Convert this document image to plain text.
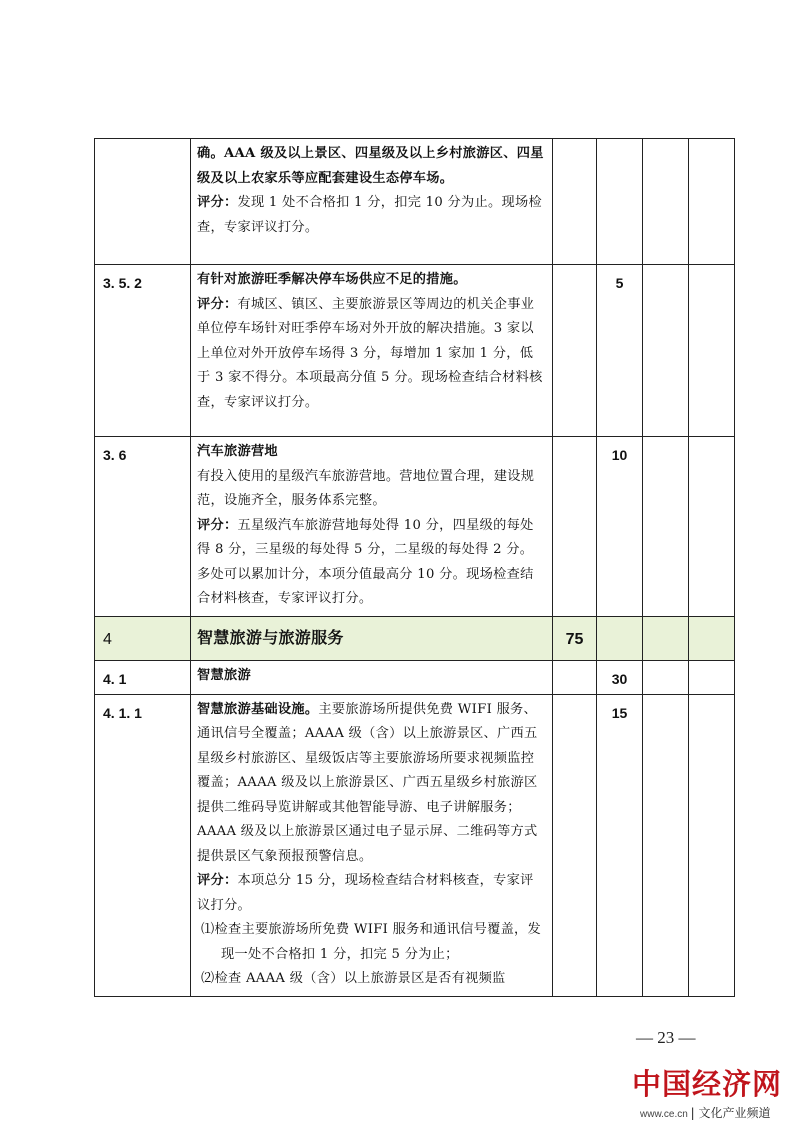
	确。AAA 级及以上景区、四星级及以上乡村旅游区、四星级及以上农家乐等应配套建设生态停车场。

评分：发现 1 处不合格扣 1 分，扣完 10 分为止。现场检查，专家评议打分。				

3. 5. 2	有针对旅游旺季解决停车场供应不足的措施。

评分：有城区、镇区、主要旅游景区等周边的机关企事业单位停车场针对旺季停车场对外开放的解决措施。3 家以上单位对外开放停车场得 3 分，每增加 1 家加 1 分，低于 3 家不得分。本项最高分值 5 分。现场检查结合材料核查，专家评议打分。		5		
3. 6	汽车旅游营地

有投入使用的星级汽车旅游营地。营地位置合理，建设规范，设施齐全，服务体系完整。

评分：五星级汽车旅游营地每处得 10 分，四星级的每处得 8 分，三星级的每处得 5 分，二星级的每处得 2 分。多处可以累加计分，本项分值最高分 10 分。现场检查结合材料核查，专家评议打分。		10		
4	智慧旅游与旅游服务	75			
4. 1	智慧旅游		30		
4. 1. 1	智慧旅游基础设施。主要旅游场所提供免费 WIFI 服务、通讯信号全覆盖；AAAA 级（含）以上旅游景区、广西五星级乡村旅游区、星级饭店等主要旅游场所要求视频监控覆盖；AAAA 级及以上旅游景区、广西五星级乡村旅游区提供二维码导览讲解或其他智能导游、电子讲解服务；AAAA 级及以上旅游景区通过电子显示屏、二维码等方式提供景区气象预报预警信息。

评分：本项总分 15 分，现场检查结合材料核查，专家评议打分。

⑴检查主要旅游场所免费 WIFI 服务和通讯信号覆盖，发现一处不合格扣 1 分，扣完 5 分为止；

⑵检查 AAAA 级（含）以上旅游景区是否有视频监		15		
— 23 —
中国经济网
www.ce.cn | 文化产业频道
